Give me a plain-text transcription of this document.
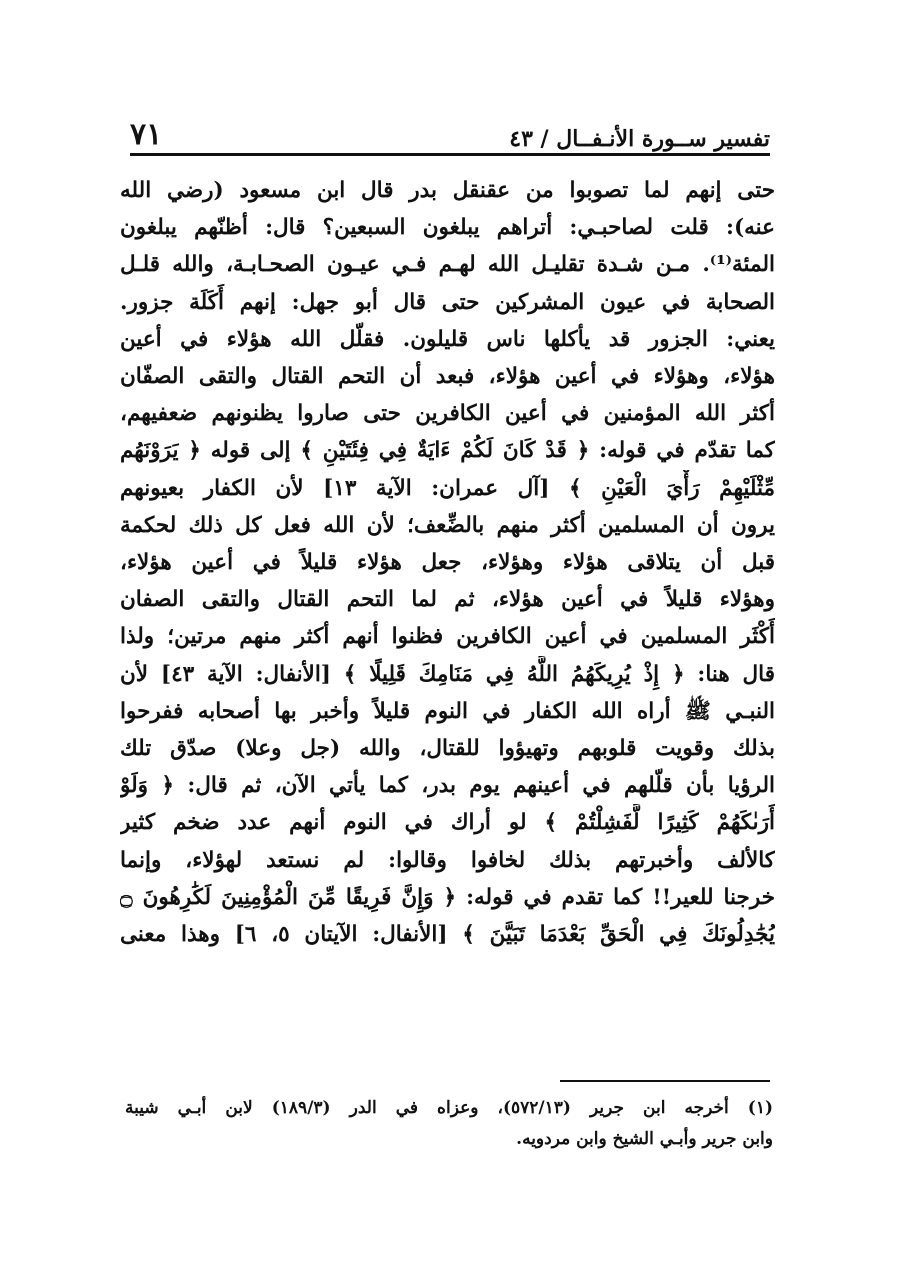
تفسير ســورة الأنـفــال / ٤٣
٧١
حتى إنهم لما تصوبوا من عقنقل بدر قال ابن مسعود (رضي الله
عنه): قلت لصاحبـي: أتراهم يبلغون السبعين؟ قال: أظنّهم يبلغون
المئة⁽¹⁾. مـن شـدة تقليـل الله لهـم فـي عيـون الصحـابـة، والله قلـل
الصحابة في عيون المشركين حتى قال أبو جهل: إنهم أَكَلَة جزور.
يعني: الجزور قد يأكلها ناس قليلون. فقلّل الله هؤلاء في أعين
هؤلاء، وهؤلاء في أعين هؤلاء، فبعد أن التحم القتال والتقى الصفّان
أكثر الله المؤمنين في أعين الكافرين حتى صاروا يظنونهم ضعفيهم،
كما تقدّم في قوله: ﴿ قَدْ كَانَ لَكُمْ ءَايَةٌ فِي فِئَتَيْنِ ﴾ إلى قوله ﴿ يَرَوْنَهُم
مِّثْلَيْهِمْ رَأْيَ الْعَيْنِ ﴾ [آل عمران: الآية ١٣] لأن الكفار بعيونهم
يرون أن المسلمين أكثر منهم بالضِّعف؛ لأن الله فعل كل ذلك لحكمة
قبل أن يتلاقى هؤلاء وهؤلاء، جعل هؤلاء قليلاً في أعين هؤلاء،
وهؤلاء قليلاً في أعين هؤلاء، ثم لما التحم القتال والتقى الصفان
أَكْثَر المسلمين في أعين الكافرين فظنوا أنهم أكثر منهم مرتين؛ ولذا
قال هنا: ﴿ إِذْ يُرِيكَهُمُ اللَّهُ فِي مَنَامِكَ قَلِيلًا ﴾ [الأنفال: الآية ٤٣] لأن
النبـي ﷺ أراه الله الكفار في النوم قليلاً وأخبر بها أصحابه ففرحوا
بذلك وقويت قلوبهم وتهيؤوا للقتال، والله (جل وعلا) صدّق تلك
الرؤيا بأن قلّلهم في أعينهم يوم بدر، كما يأتي الآن، ثم قال: ﴿ وَلَوْ
أَرَىٰكَهُمْ كَثِيرًا لَّفَشِلْتُمْ ﴾ لو أراك في النوم أنهم عدد ضخم كثير
كالألف وأخبرتهم بذلك لخافوا وقالوا: لم نستعد لهؤلاء، وإنما
خرجنا للعير!! كما تقدم في قوله: ﴿ وَإِنَّ فَرِيقًا مِّنَ الْمُؤْمِنِينَ لَكَٰرِهُونَ ۝
يُجَٰدِلُونَكَ فِي الْحَقِّ بَعْدَمَا تَبَيَّنَ ﴾ [الأنفال: الآيتان ٥، ٦] وهذا معنى
(١) أخرجه ابن جرير (٥٧٢/١٣)، وعزاه في الدر (١٨٩/٣) لابن أبـي شيبة
وابن جرير وأبـي الشيخ وابن مردويه.
